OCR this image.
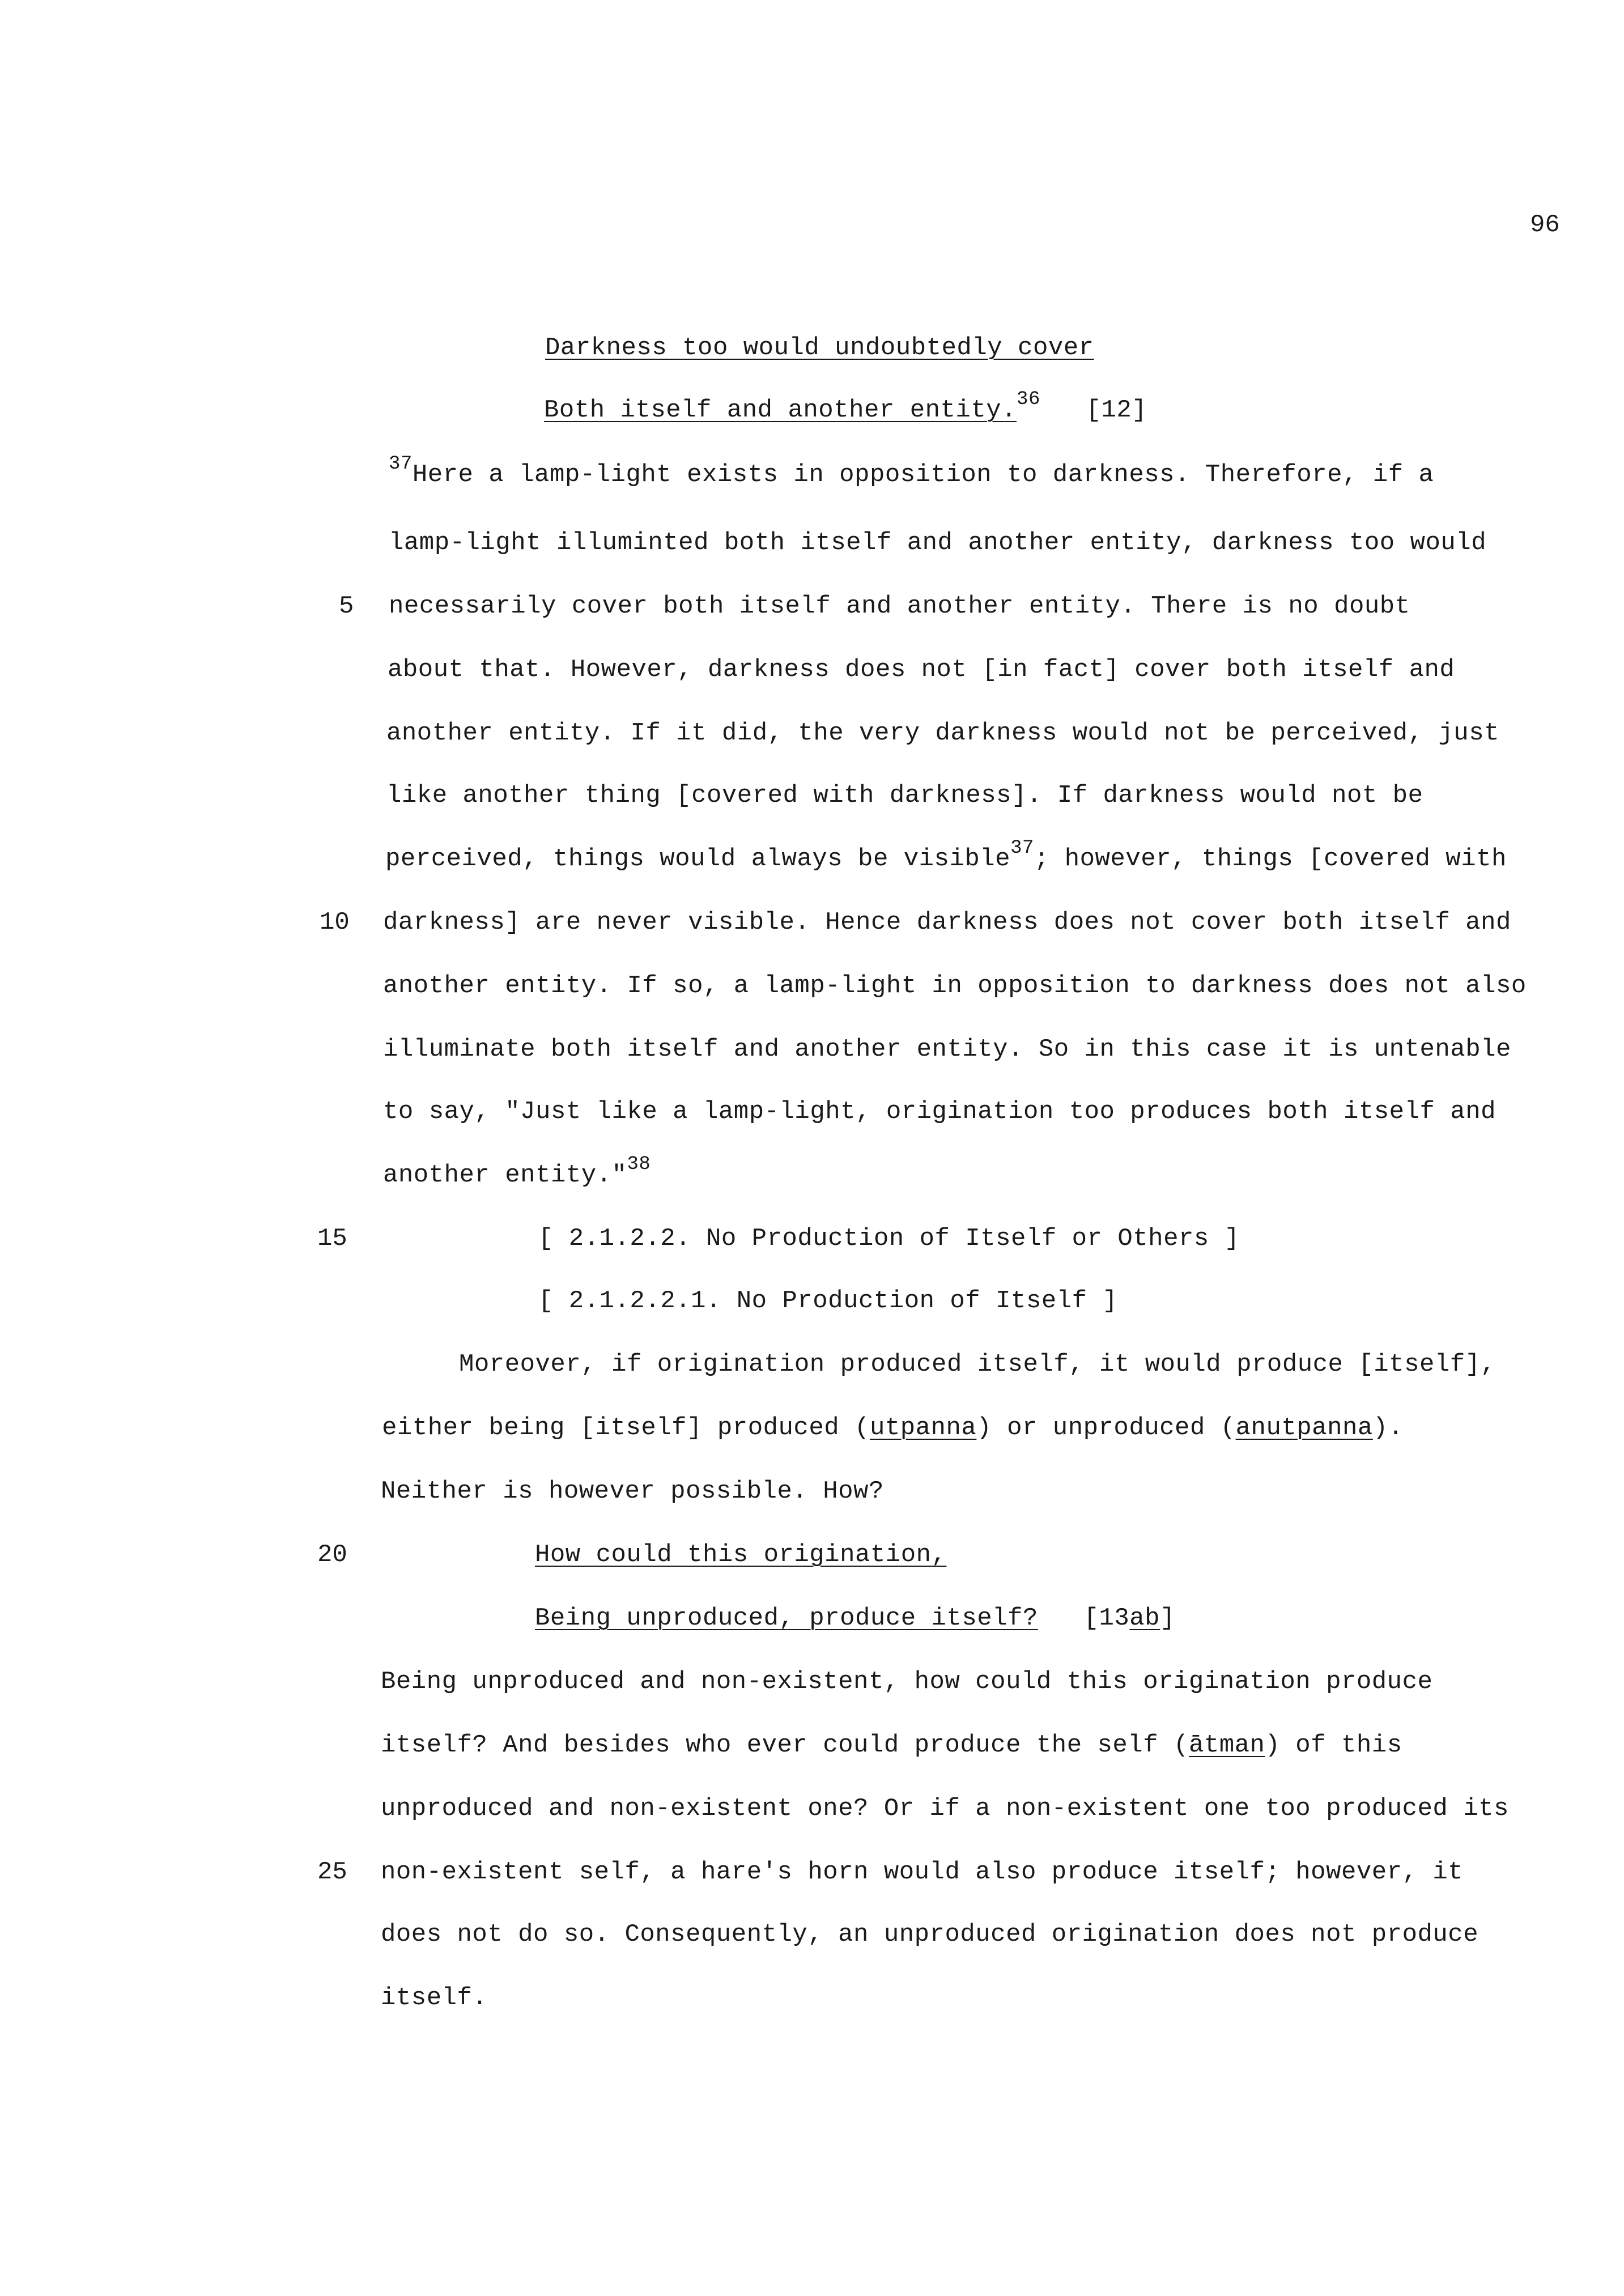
96
Darkness too would undoubtedly cover
Both itself and another entity.$^{36}$ [12]
$^{37}$Here a lamp-light exists in opposition to darkness. Therefore, if a
lamp-light illuminted both itself and another entity, darkness too would
5 necessarily cover both itself and another entity. There is no doubt
about that. However, darkness does not [in fact] cover both itself and
another entity. If it did, the very darkness would not be perceived, just
like another thing [covered with darkness]. If darkness would not be
perceived, things would always be visible$^{37}$; however, things [covered with
10 darkness] are never visible. Hence darkness does not cover both itself and
another entity. If so, a lamp-light in opposition to darkness does not also
illuminate both itself and another entity. So in this case it is untenable
to say, "Just like a lamp-light, origination too produces both itself and
another entity."$^{38}$
15	[ 2.1.2.2. No Production of Itself or Others ]
[ 2.1.2.2.1. No Production of Itself ]
Moreover, if origination produced itself, it would produce [itself],
either being [itself] produced (utpanna) or unproduced (anutpanna).
Neither is however possible. How?
20	How could this origination,
Being unproduced, produce itself? [13ab]
Being unproduced and non-existent, how could this origination produce
itself? And besides who ever could produce the self (ātman) of this
unproduced and non-existent one? Or if a non-existent one too produced its
25 non-existent self, a hare's horn would also produce itself; however, it
does not do so. Consequently, an unproduced origination does not produce
itself.
